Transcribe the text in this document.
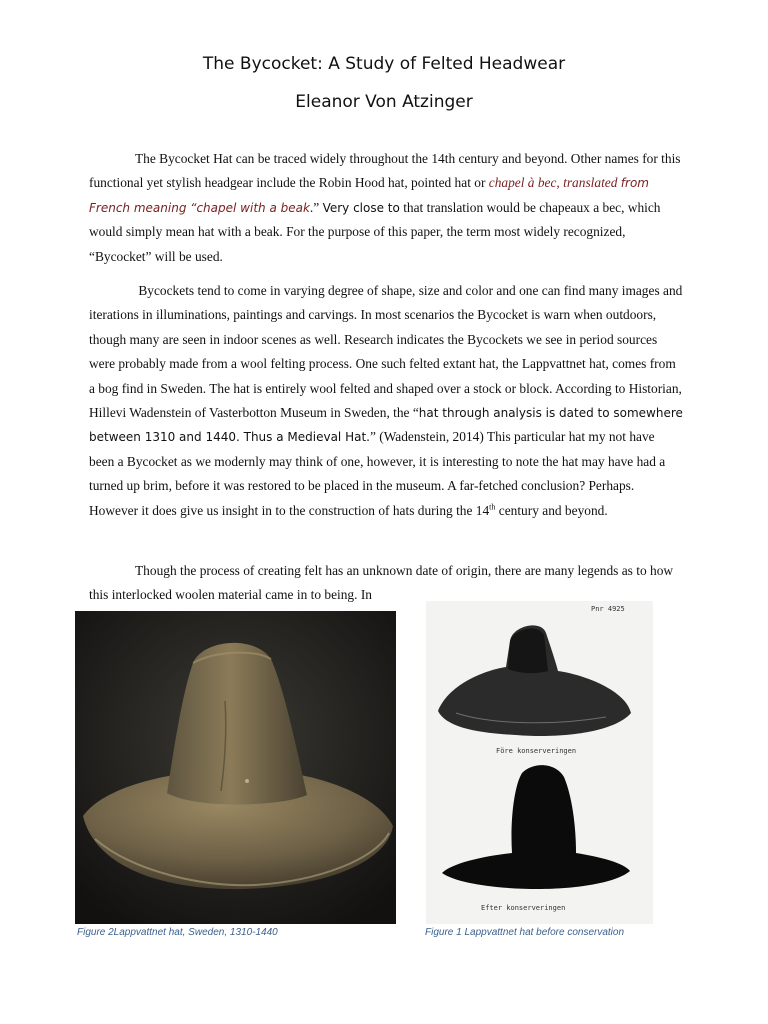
The Bycocket: A Study of Felted Headwear
Eleanor Von Atzinger

The Bycocket Hat can be traced widely throughout the 14th century and beyond. Other names for this functional yet stylish headgear include the Robin Hood hat, pointed hat or chapel à bec, translated from French meaning “chapel with a beak.” Very close to that translation would be chapeaux a bec, which would simply mean hat with a beak. For the purpose of this paper, the term most widely recognized, “Bycocket” will be used.

Bycockets tend to come in varying degree of shape, size and color and one can find many images and iterations in illuminations, paintings and carvings. In most scenarios the Bycocket is warn when outdoors, though many are seen in indoor scenes as well. Research indicates the Bycockets we see in period sources were probably made from a wool felting process. One such felted extant hat, the Lappvattnet hat, comes from a bog find in Sweden. The hat is entirely wool felted and shaped over a stock or block. According to Historian, Hillevi Wadenstein of Vasterbotton Museum in Sweden, the “hat through analysis is dated to somewhere between 1310 and 1440. Thus a Medieval Hat.” (Wadenstein, 2014) This particular hat my not have been a Bycocket as we modernly may think of one, however, it is interesting to note the hat may have had a turned up brim, before it was restored to be placed in the museum. A far-fetched conclusion? Perhaps. However it does give us insight in to the construction of hats during the 14th century and beyond.

Though the process of creating felt has an unknown date of origin, there are many legends as to how this interlocked woolen material came in to being. In

Pnr 4925
Före konserveringen
Efter konserveringen

Figure 2Lappvattnet hat, Sweden, 1310-1440	Figure 1 Lappvattnet hat before conservation
